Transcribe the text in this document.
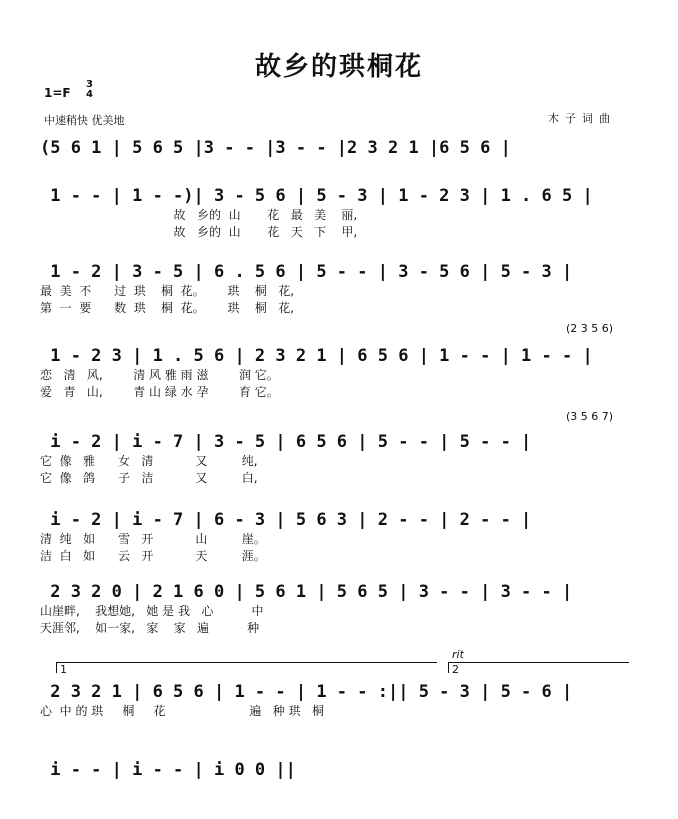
故乡的珙桐花
1=F
3
4
中速稍快 优美地	木子词曲
(5 6 1 | 5 6 5 |3 - - |3 - - |2 3 2 1 |6 5 6 |
1 - - | 1 - -)| 3 - 5 6 | 5 - 3 | 1 - 2 3 | 1 . 6 5 |
故   乡的  山       花   最   美    丽,
故   乡的  山       花   天   下    甲,
1 - 2 | 3 - 5 | 6 . 5 6 | 5 - - | 3 - 5 6 | 5 - 3 |
最  美  不      过  珙    桐  花。      珙    桐   花,
第  一  要      数  珙    桐  花。      珙    桐   花,
(2 3 5 6)
1 - 2 3 | 1 . 5 6 | 2 3 2 1 | 6 5 6 | 1 - - | 1 - - |
恋   清   风,        清 风 雅 雨 滋        润 它。
爱   青   山,        青 山 绿 水 孕        育 它。
(3 5 6 7)
i - 2 | i - 7 | 3 - 5 | 6 5 6 | 5 - - | 5 - - |
它  像   雅      女   清           又         纯,
它  像   鸽      子   洁           又         白,
i - 2 | i - 7 | 6 - 3 | 5 6 3 | 2 - - | 2 - - |
清  纯   如      雪   开           山         崖。
洁  白   如      云   开           天         涯。
2 3 2 0 | 2 1 6 0 | 5 6 1 | 5 6 5 | 3 - - | 3 - - |
山崖畔,    我想她,   她 是 我   心          中
天涯邻,    如一家,   家    家   遍          种
1
rit
2
2 3 2 1 | 6 5 6 | 1 - - | 1 - - :|| 5 - 3 | 5 - 6 |
心  中 的 珙     桐     花                      遍   种 珙   桐
i - - | i - - | i 0 0 ||
